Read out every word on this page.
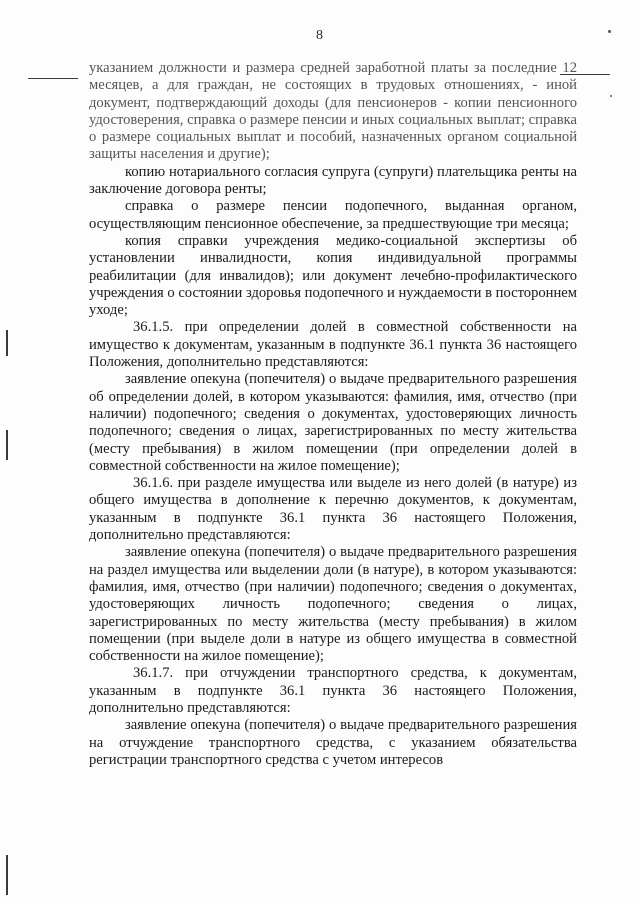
8

указанием должности и размера средней заработной платы за последние 12 месяцев, а для граждан, не состоящих в трудовых отношениях, - иной документ, подтверждающий доходы (для пенсионеров - копии пенсионного удостоверения, справка о размере пенсии и иных социальных выплат; справка о размере социальных выплат и пособий, назначенных органом социальной защиты населения и другие);

копию нотариального согласия супруга (супруги) плательщика ренты на заключение договора ренты;

справка о размере пенсии подопечного, выданная органом, осуществляющим пенсионное обеспечение, за предшествующие три месяца;

копия справки учреждения медико-социальной экспертизы об установлении инвалидности, копия индивидуальной программы реабилитации (для инвалидов); или документ лечебно-профилактического учреждения о состоянии здоровья подопечного и нуждаемости в постороннем уходе;

36.1.5. при определении долей в совместной собственности на имуществo к документам, указанным в подпункте 36.1 пункта 36 настоящего Положения, дополнительно представляются:

заявление опекуна (попечителя) о выдаче предварительного разрешения об определении долей, в котором указываются: фамилия, имя, отчество (при наличии) подопечного; сведения о документах, удостоверяющих личность подопечного; сведения о лицах, зарегистрированных по месту жительства (месту пребывания) в жилом помещении (при определении долей в совместной собственности на жилое помещение);

36.1.6. при разделе имущества или выделе из него долей (в натуре) из общего имущества в дополнение к перечню документов, к документам, указанным в подпункте 36.1 пункта 36 настоящего Положения, дополнительно представляются:

заявление опекуна (попечителя) о выдаче предварительного разрешения на раздел имущества или выделении доли (в натуре), в котором указываются: фамилия, имя, отчество (при наличии) подопечного; сведения о документах, удостоверяющих личность подопечного; сведения о лицах, зарегистрированных по месту жительства (месту пребывания) в жилом помещении (при выделе доли в натуре из общего имущества в совместной собственности на жилое помещение);

36.1.7. при отчуждении транспортного средства, к документам, указанным в подпункте 36.1 пункта 36 настоящего Положения, дополнительно представляются:

заявление опекуна (попечителя) о выдаче предварительного разрешения на отчуждение транспортного средства, с указанием обязательства регистрации транспортного средства с учетом интересов
